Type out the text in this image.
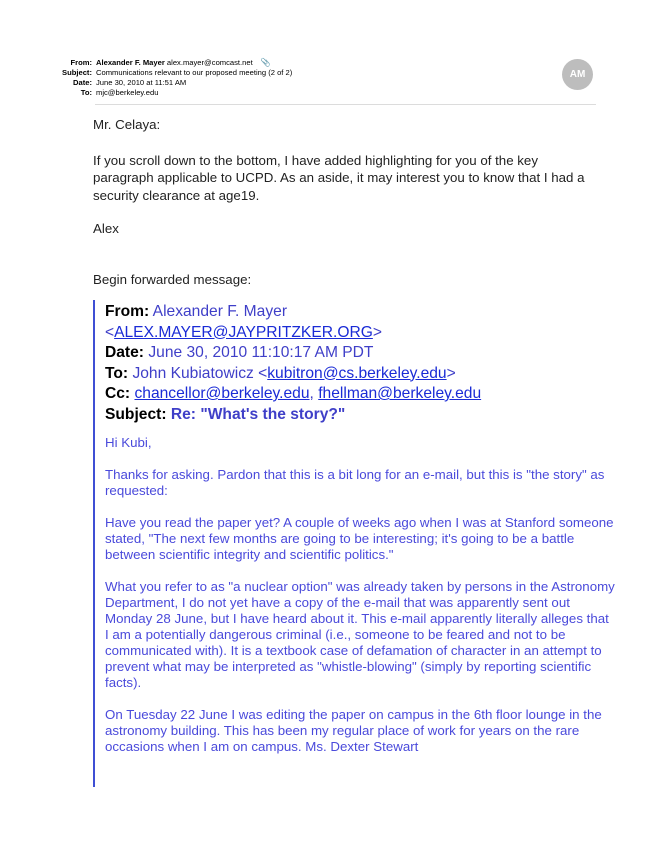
From: Alexander F. Mayer alex.mayer@comcast.net 📎
Subject: Communications relevant to our proposed meeting (2 of 2)
Date: June 30, 2010 at 11:51 AM
To: mjc@berkeley.edu
AM

Mr. Celaya:

If you scroll down to the bottom, I have added highlighting for you of the key paragraph applicable to UCPD. As an aside, it may interest you to know that I had a security clearance at age19.

Alex

Begin forwarded message:

From: Alexander F. Mayer
<ALEX.MAYER@JAYPRITZKER.ORG>
Date: June 30, 2010 11:10:17 AM PDT
To: John Kubiatowicz <kubitron@cs.berkeley.edu>
Cc: chancellor@berkeley.edu, fhellman@berkeley.edu
Subject: Re: "What's the story?"

Hi Kubi,

Thanks for asking. Pardon that this is a bit long for an e-mail, but this is "the story" as requested:

Have you read the paper yet? A couple of weeks ago when I was at Stanford someone stated, "The next few months are going to be interesting; it's going to be a battle between scientific integrity and scientific politics."

What you refer to as "a nuclear option" was already taken by persons in the Astronomy Department, I do not yet have a copy of the e-mail that was apparently sent out Monday 28 June, but I have heard about it. This e-mail apparently literally alleges that I am a potentially dangerous criminal (i.e., someone to be feared and not to be communicated with). It is a textbook case of defamation of character in an attempt to prevent what may be interpreted as "whistle-blowing" (simply by reporting scientific facts).

On Tuesday 22 June I was editing the paper on campus in the 6th floor lounge in the astronomy building. This has been my regular place of work for years on the rare occasions when I am on campus. Ms. Dexter Stewart
